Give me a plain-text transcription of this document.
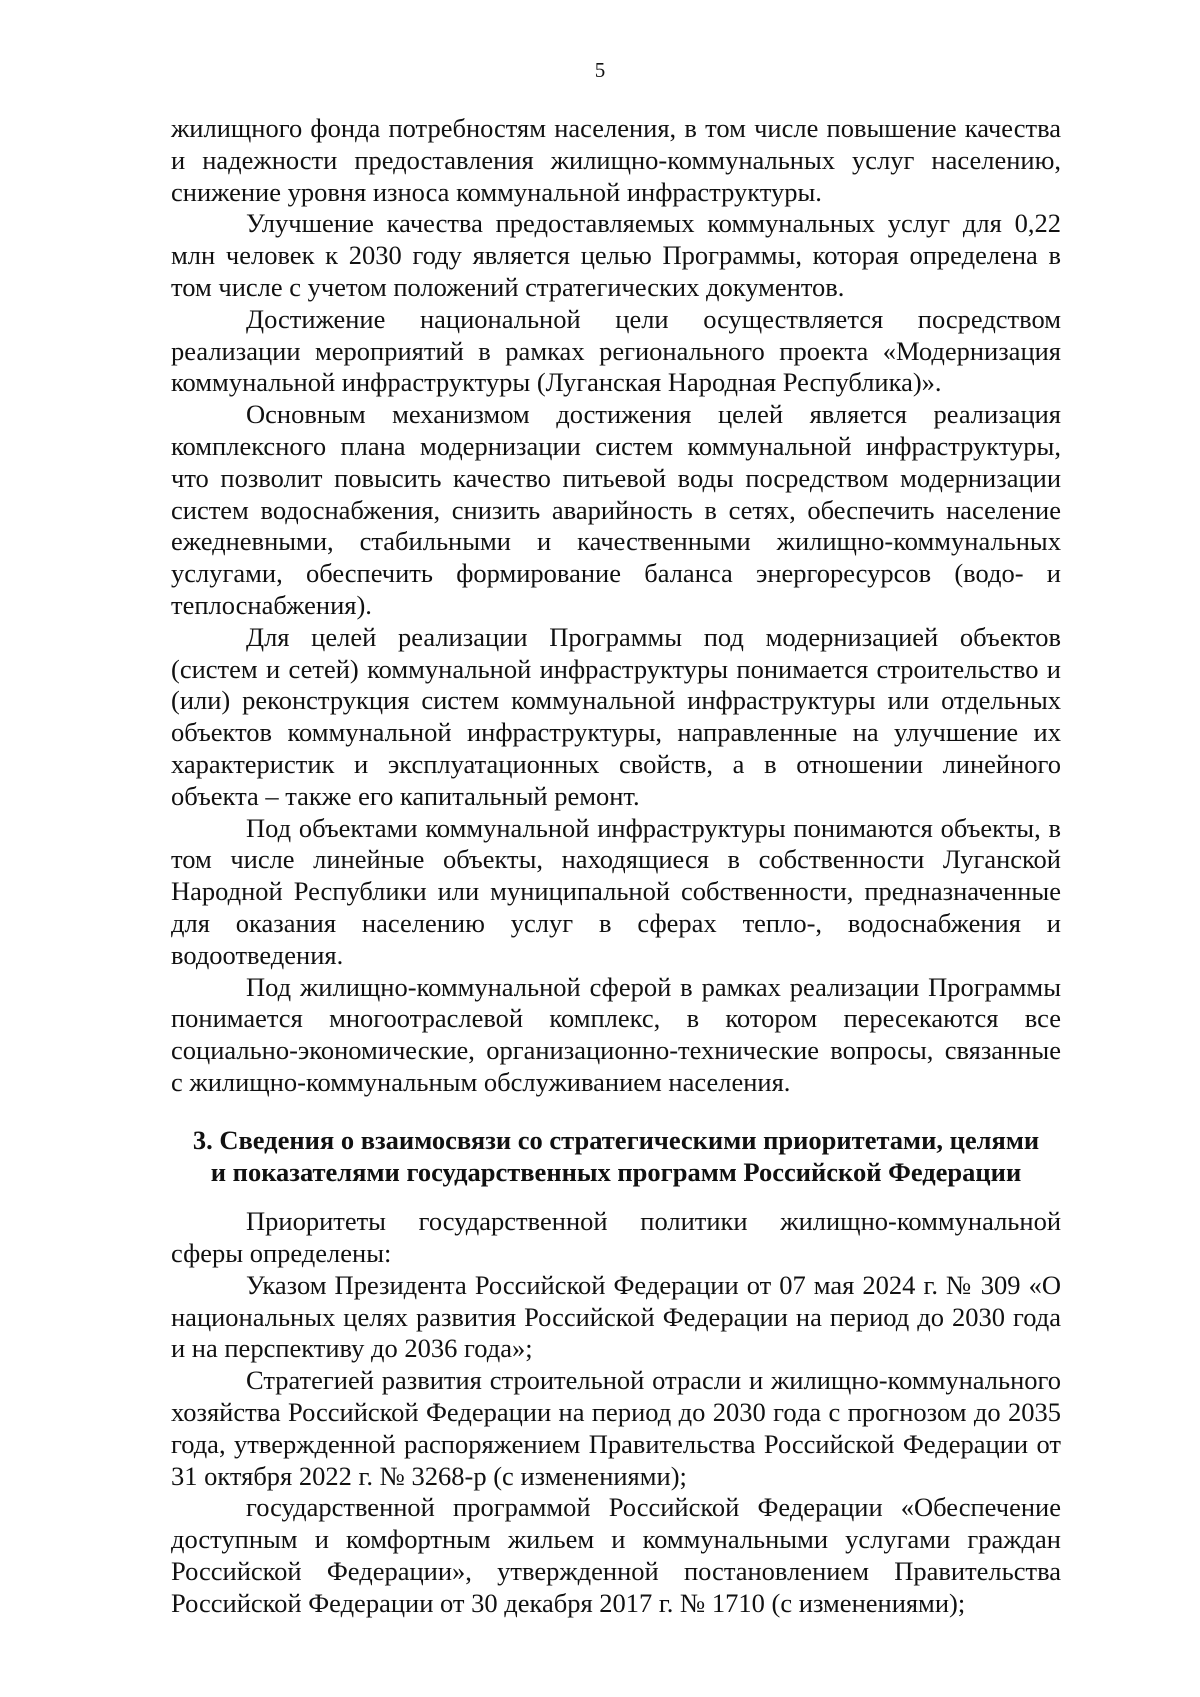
5

жилищного фонда потребностям населения, в том числе повышение качества и надежности предоставления жилищно-коммунальных услуг населению, снижение уровня износа коммунальной инфраструктуры.

Улучшение качества предоставляемых коммунальных услуг для 0,22 млн человек к 2030 году является целью Программы, которая определена в том числе с учетом положений стратегических документов.

Достижение национальной цели осуществляется посредством реализации мероприятий в рамках регионального проекта «Модернизация коммунальной инфраструктуры (Луганская Народная Республика)».

Основным механизмом достижения целей является реализация комплексного плана модернизации систем коммунальной инфраструктуры, что позволит повысить качество питьевой воды посредством модернизации систем водоснабжения, снизить аварийность в сетях, обеспечить население ежедневными, стабильными и качественными жилищно-коммунальных услугами, обеспечить формирование баланса энергоресурсов (водо- и теплоснабжения).

Для целей реализации Программы под модернизацией объектов (систем и сетей) коммунальной инфраструктуры понимается строительство и (или) реконструкция систем коммунальной инфраструктуры или отдельных объектов коммунальной инфраструктуры, направленные на улучшение их характеристик и эксплуатационных свойств, а в отношении линейного объекта – также его капитальный ремонт.

Под объектами коммунальной инфраструктуры понимаются объекты, в том числе линейные объекты, находящиеся в собственности Луганской Народной Республики или муниципальной собственности, предназначенные для оказания населению услуг в сферах тепло-, водоснабжения и водоотведения.

Под жилищно-коммунальной сферой в рамках реализации Программы понимается многоотраслевой комплекс, в котором пересекаются все социально-экономические, организационно-технические вопросы, связанные с жилищно-коммунальным обслуживанием населения.

3. Сведения о взаимосвязи со стратегическими приоритетами, целями
и показателями государственных программ Российской Федерации

Приоритеты государственной политики жилищно-коммунальной сферы определены:

Указом Президента Российской Федерации от 07 мая 2024 г. № 309 «О национальных целях развития Российской Федерации на период до 2030 года и на перспективу до 2036 года»;

Стратегией развития строительной отрасли и жилищно-коммунального хозяйства Российской Федерации на период до 2030 года с прогнозом до 2035 года, утвержденной распоряжением Правительства Российской Федерации от 31 октября 2022 г. № 3268-р (с изменениями);

государственной программой Российской Федерации «Обеспечение доступным и комфортным жильем и коммунальными услугами граждан Российской Федерации», утвержденной постановлением Правительства Российской Федерации от 30 декабря 2017 г. № 1710 (с изменениями);
